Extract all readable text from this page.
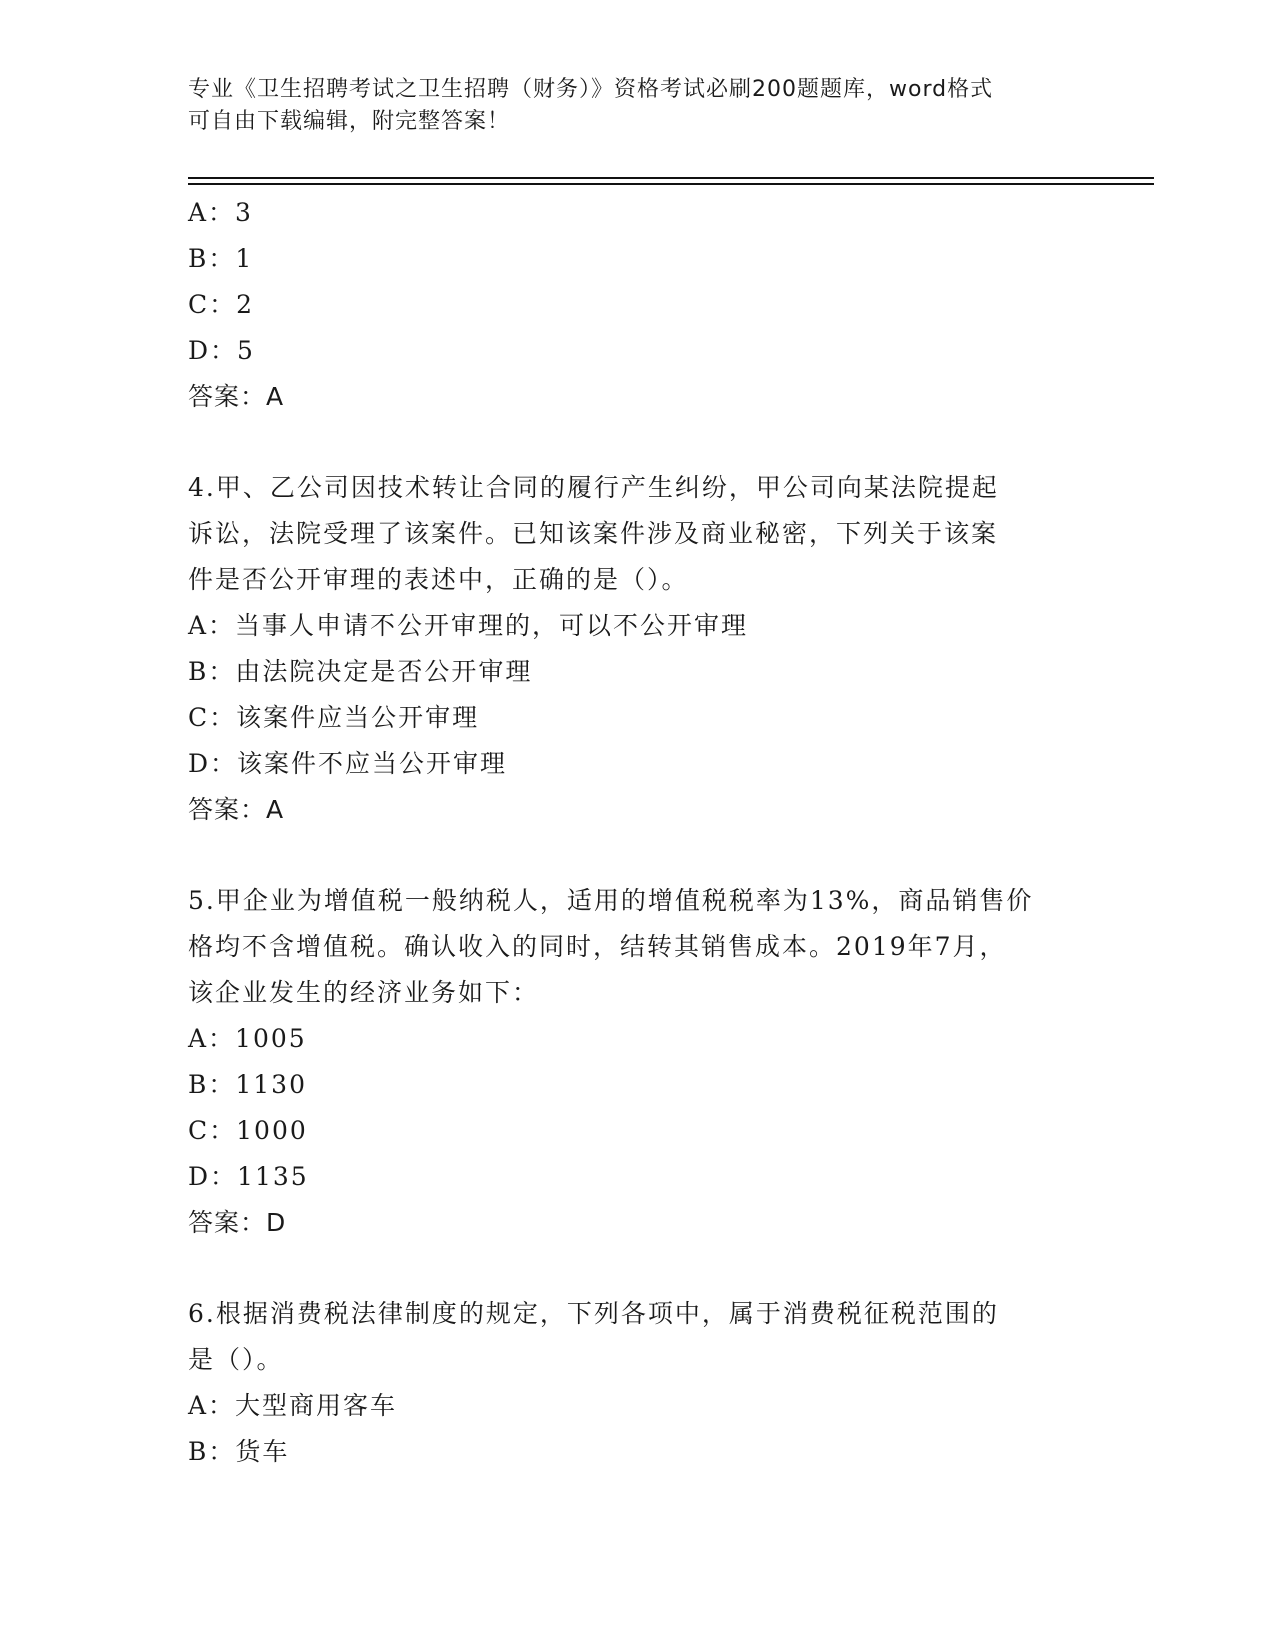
专业《卫生招聘考试之卫生招聘（财务）》资格考试必刷200题题库，word格式
可自由下载编辑，附完整答案！
A：3
B：1
C：2
D：5
答案：A
4.甲、乙公司因技术转让合同的履行产生纠纷，甲公司向某法院提起
诉讼，法院受理了该案件。已知该案件涉及商业秘密，下列关于该案
件是否公开审理的表述中，正确的是（）。
A：当事人申请不公开审理的，可以不公开审理
B：由法院决定是否公开审理
C：该案件应当公开审理
D：该案件不应当公开审理
答案：A
5.甲企业为增值税一般纳税人，适用的增值税税率为13%，商品销售价
格均不含增值税。确认收入的同时，结转其销售成本。2019年7月，
该企业发生的经济业务如下：
A：1005
B：1130
C：1000
D：1135
答案：D
6.根据消费税法律制度的规定，下列各项中，属于消费税征税范围的
是（）。
A：大型商用客车
B：货车
